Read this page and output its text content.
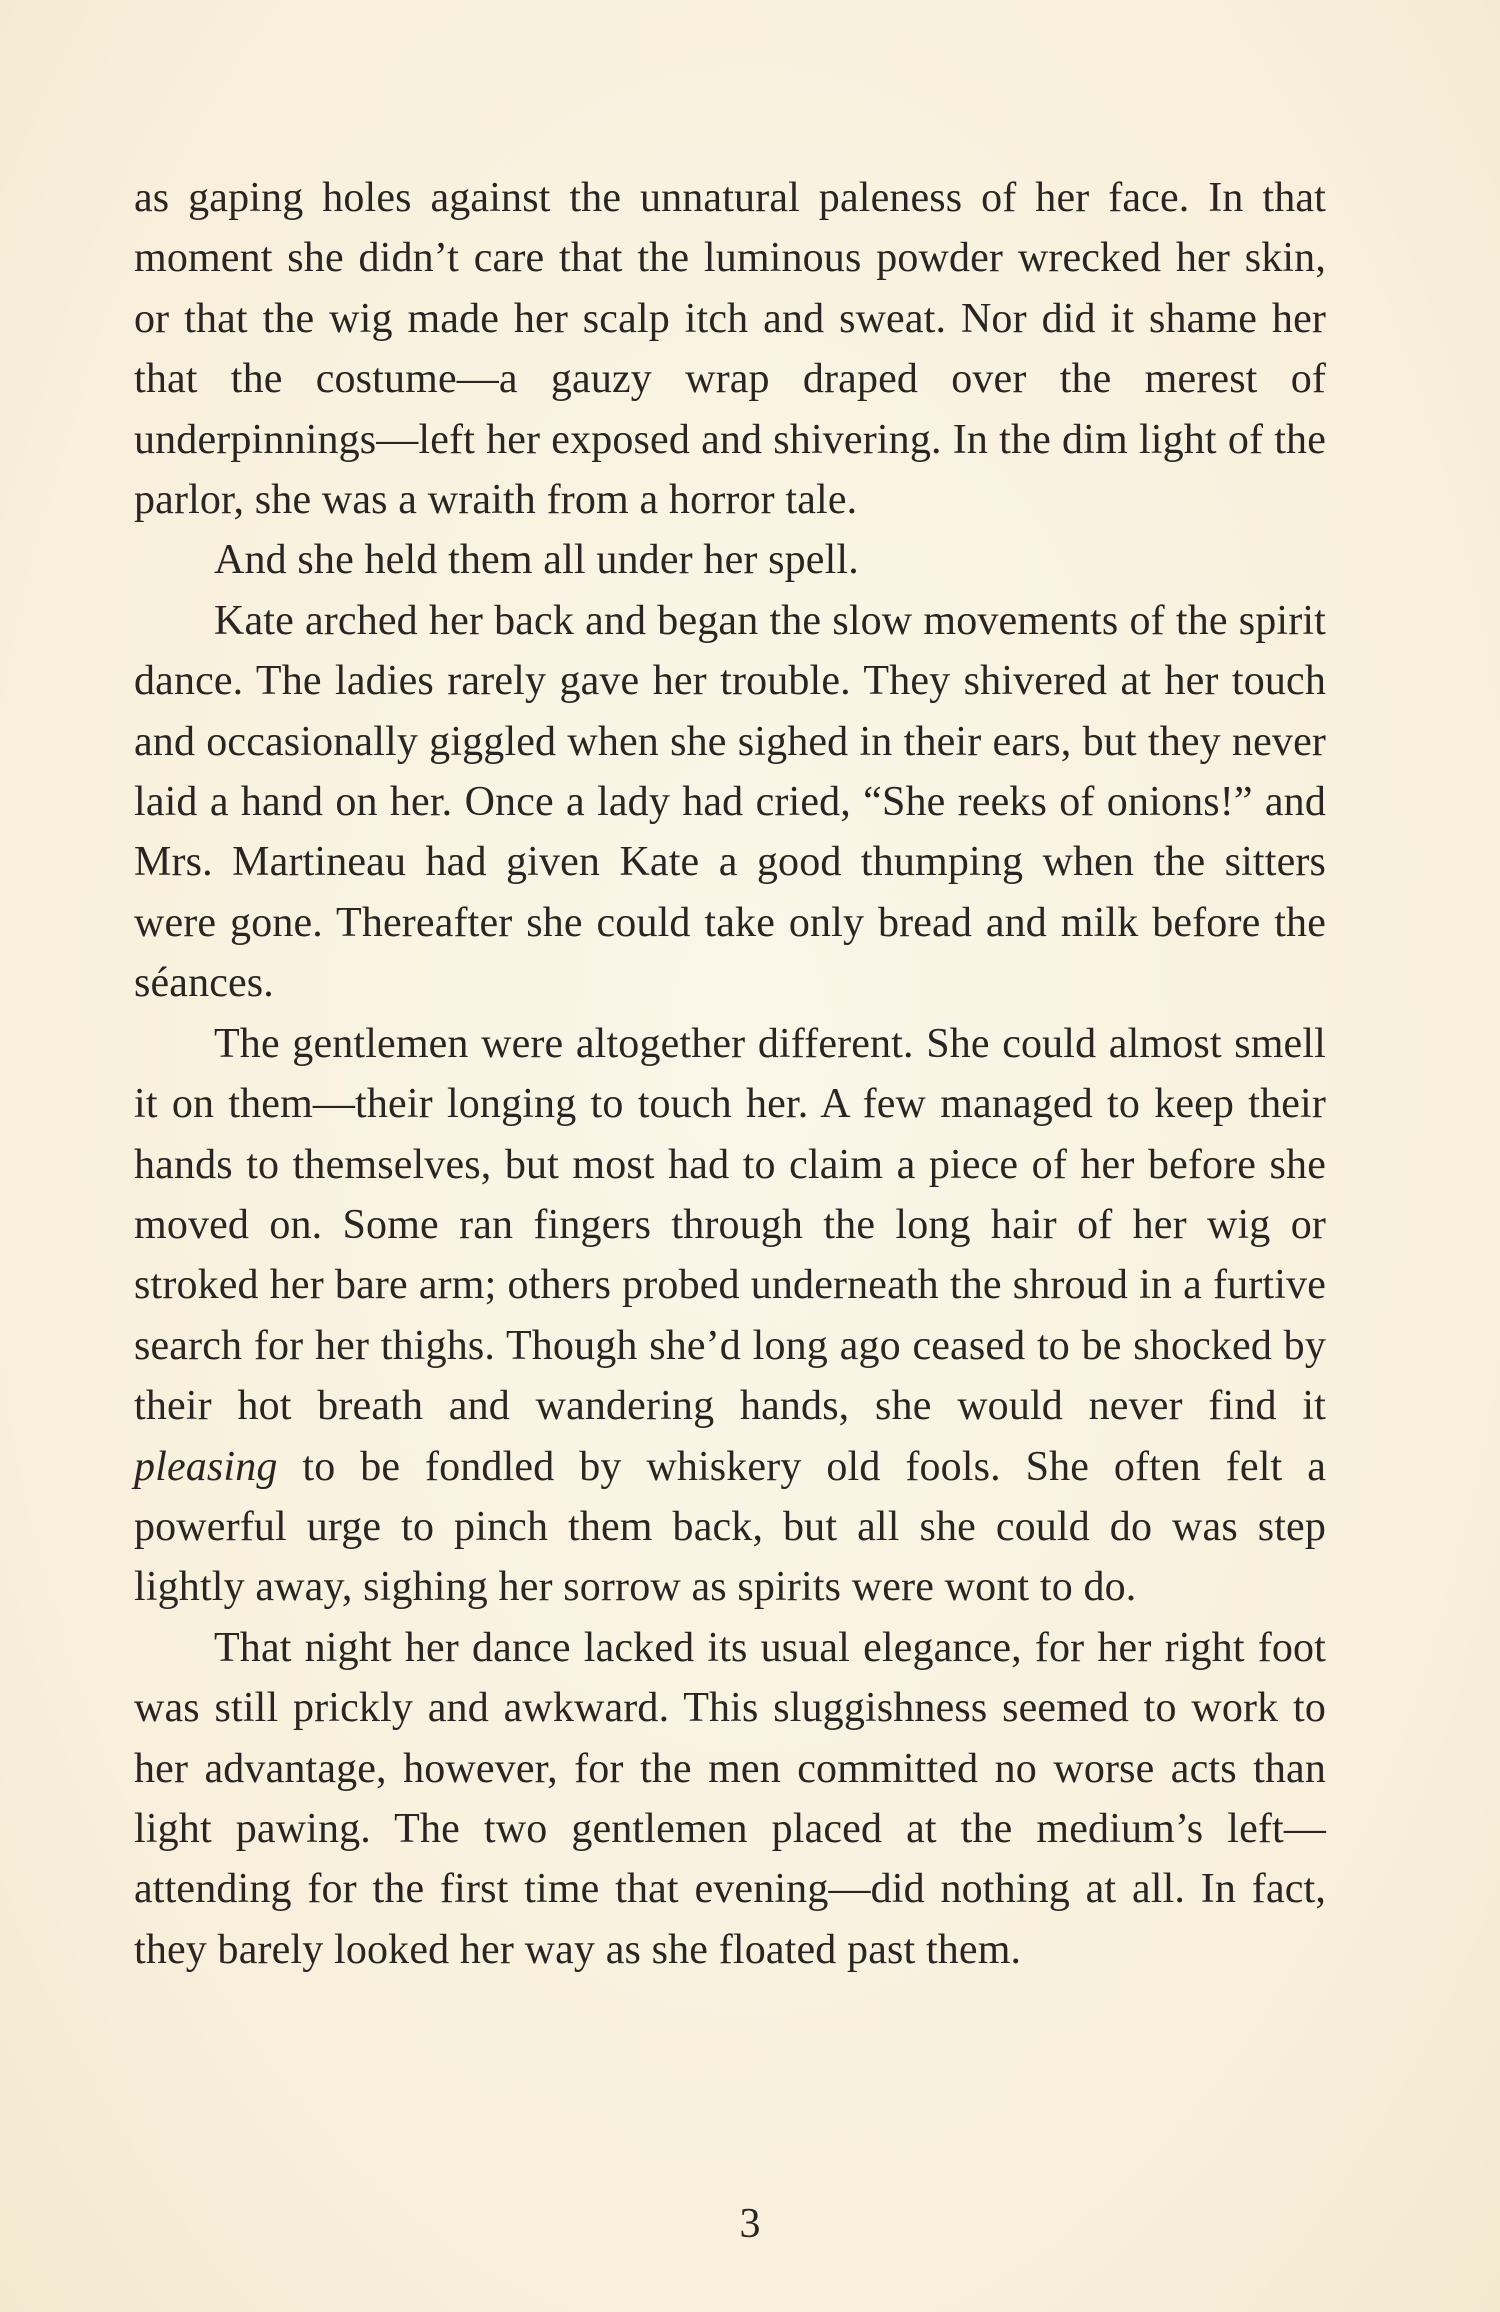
as gaping holes against the unnatural paleness of her face. In that moment she didn’t care that the luminous powder wrecked her skin, or that the wig made her scalp itch and sweat. Nor did it shame her that the costume—a gauzy wrap draped over the merest of underpinnings—left her exposed and shivering. In the dim light of the parlor, she was a wraith from a horror tale.

And she held them all under her spell.

Kate arched her back and began the slow movements of the spirit dance. The ladies rarely gave her trouble. They shivered at her touch and occasionally giggled when she sighed in their ears, but they never laid a hand on her. Once a lady had cried, “She reeks of onions!” and Mrs. Martineau had given Kate a good thumping when the sitters were gone. Thereafter she could take only bread and milk before the séances.

The gentlemen were altogether different. She could almost smell it on them—their longing to touch her. A few managed to keep their hands to themselves, but most had to claim a piece of her before she moved on. Some ran fingers through the long hair of her wig or stroked her bare arm; others probed underneath the shroud in a furtive search for her thighs. Though she’d long ago ceased to be shocked by their hot breath and wandering hands, she would never find it pleasing to be fondled by whiskery old fools. She often felt a powerful urge to pinch them back, but all she could do was step lightly away, sighing her sorrow as spirits were wont to do.

That night her dance lacked its usual elegance, for her right foot was still prickly and awkward. This sluggishness seemed to work to her advantage, however, for the men committed no worse acts than light pawing. The two gentlemen placed at the medium’s left—attending for the first time that evening—did nothing at all. In fact, they barely looked her way as she floated past them.

3
